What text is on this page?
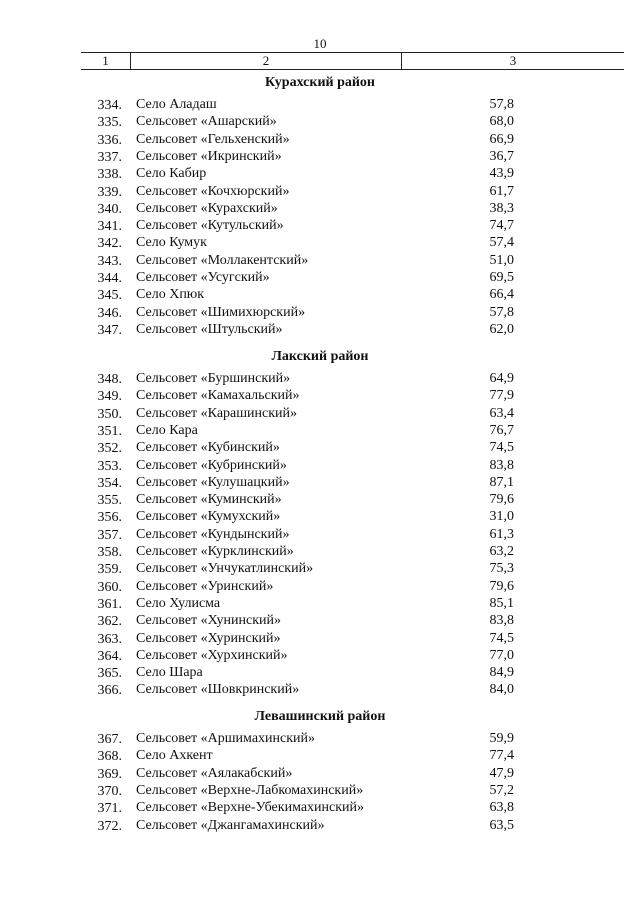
10
1	2	3
Курахский район
334. Село Аладаш	57,8
335. Сельсовет «Ашарский»	68,0
336. Сельсовет «Гельхенский»	66,9
337. Сельсовет «Икринский»	36,7
338. Село Кабир	43,9
339. Сельсовет «Кочхюрский»	61,7
340. Сельсовет «Курахский»	38,3
341. Сельсовет «Кутульский»	74,7
342. Село Кумук	57,4
343. Сельсовет «Моллакентский»	51,0
344. Сельсовет «Усугский»	69,5
345. Село Хпюк	66,4
346. Сельсовет «Шимихюрский»	57,8
347. Сельсовет «Штульский»	62,0
Лакский район
348. Сельсовет «Буршинский»	64,9
349. Сельсовет «Камахальский»	77,9
350. Сельсовет «Карашинский»	63,4
351. Село Кара	76,7
352. Сельсовет «Кубинский»	74,5
353. Сельсовет «Кубринский»	83,8
354. Сельсовет «Кулушацкий»	87,1
355. Сельсовет «Куминский»	79,6
356. Сельсовет «Кумухский»	31,0
357. Сельсовет «Кундынский»	61,3
358. Сельсовет «Курклинский»	63,2
359. Сельсовет «Унчукатлинский»	75,3
360. Сельсовет «Уринский»	79,6
361. Село Хулисма	85,1
362. Сельсовет «Хунинский»	83,8
363. Сельсовет «Хуринский»	74,5
364. Сельсовет «Хурхинский»	77,0
365. Село Шара	84,9
366. Сельсовет «Шовкринский»	84,0
Левашинский район
367. Сельсовет «Аршимахинский»	59,9
368. Село Ахкент	77,4
369. Сельсовет «Аялакабский»	47,9
370. Сельсовет «Верхне-Лабкомахинский»	57,2
371. Сельсовет «Верхне-Убекимахинский»	63,8
372. Сельсовет «Джангамахинский»	63,5
